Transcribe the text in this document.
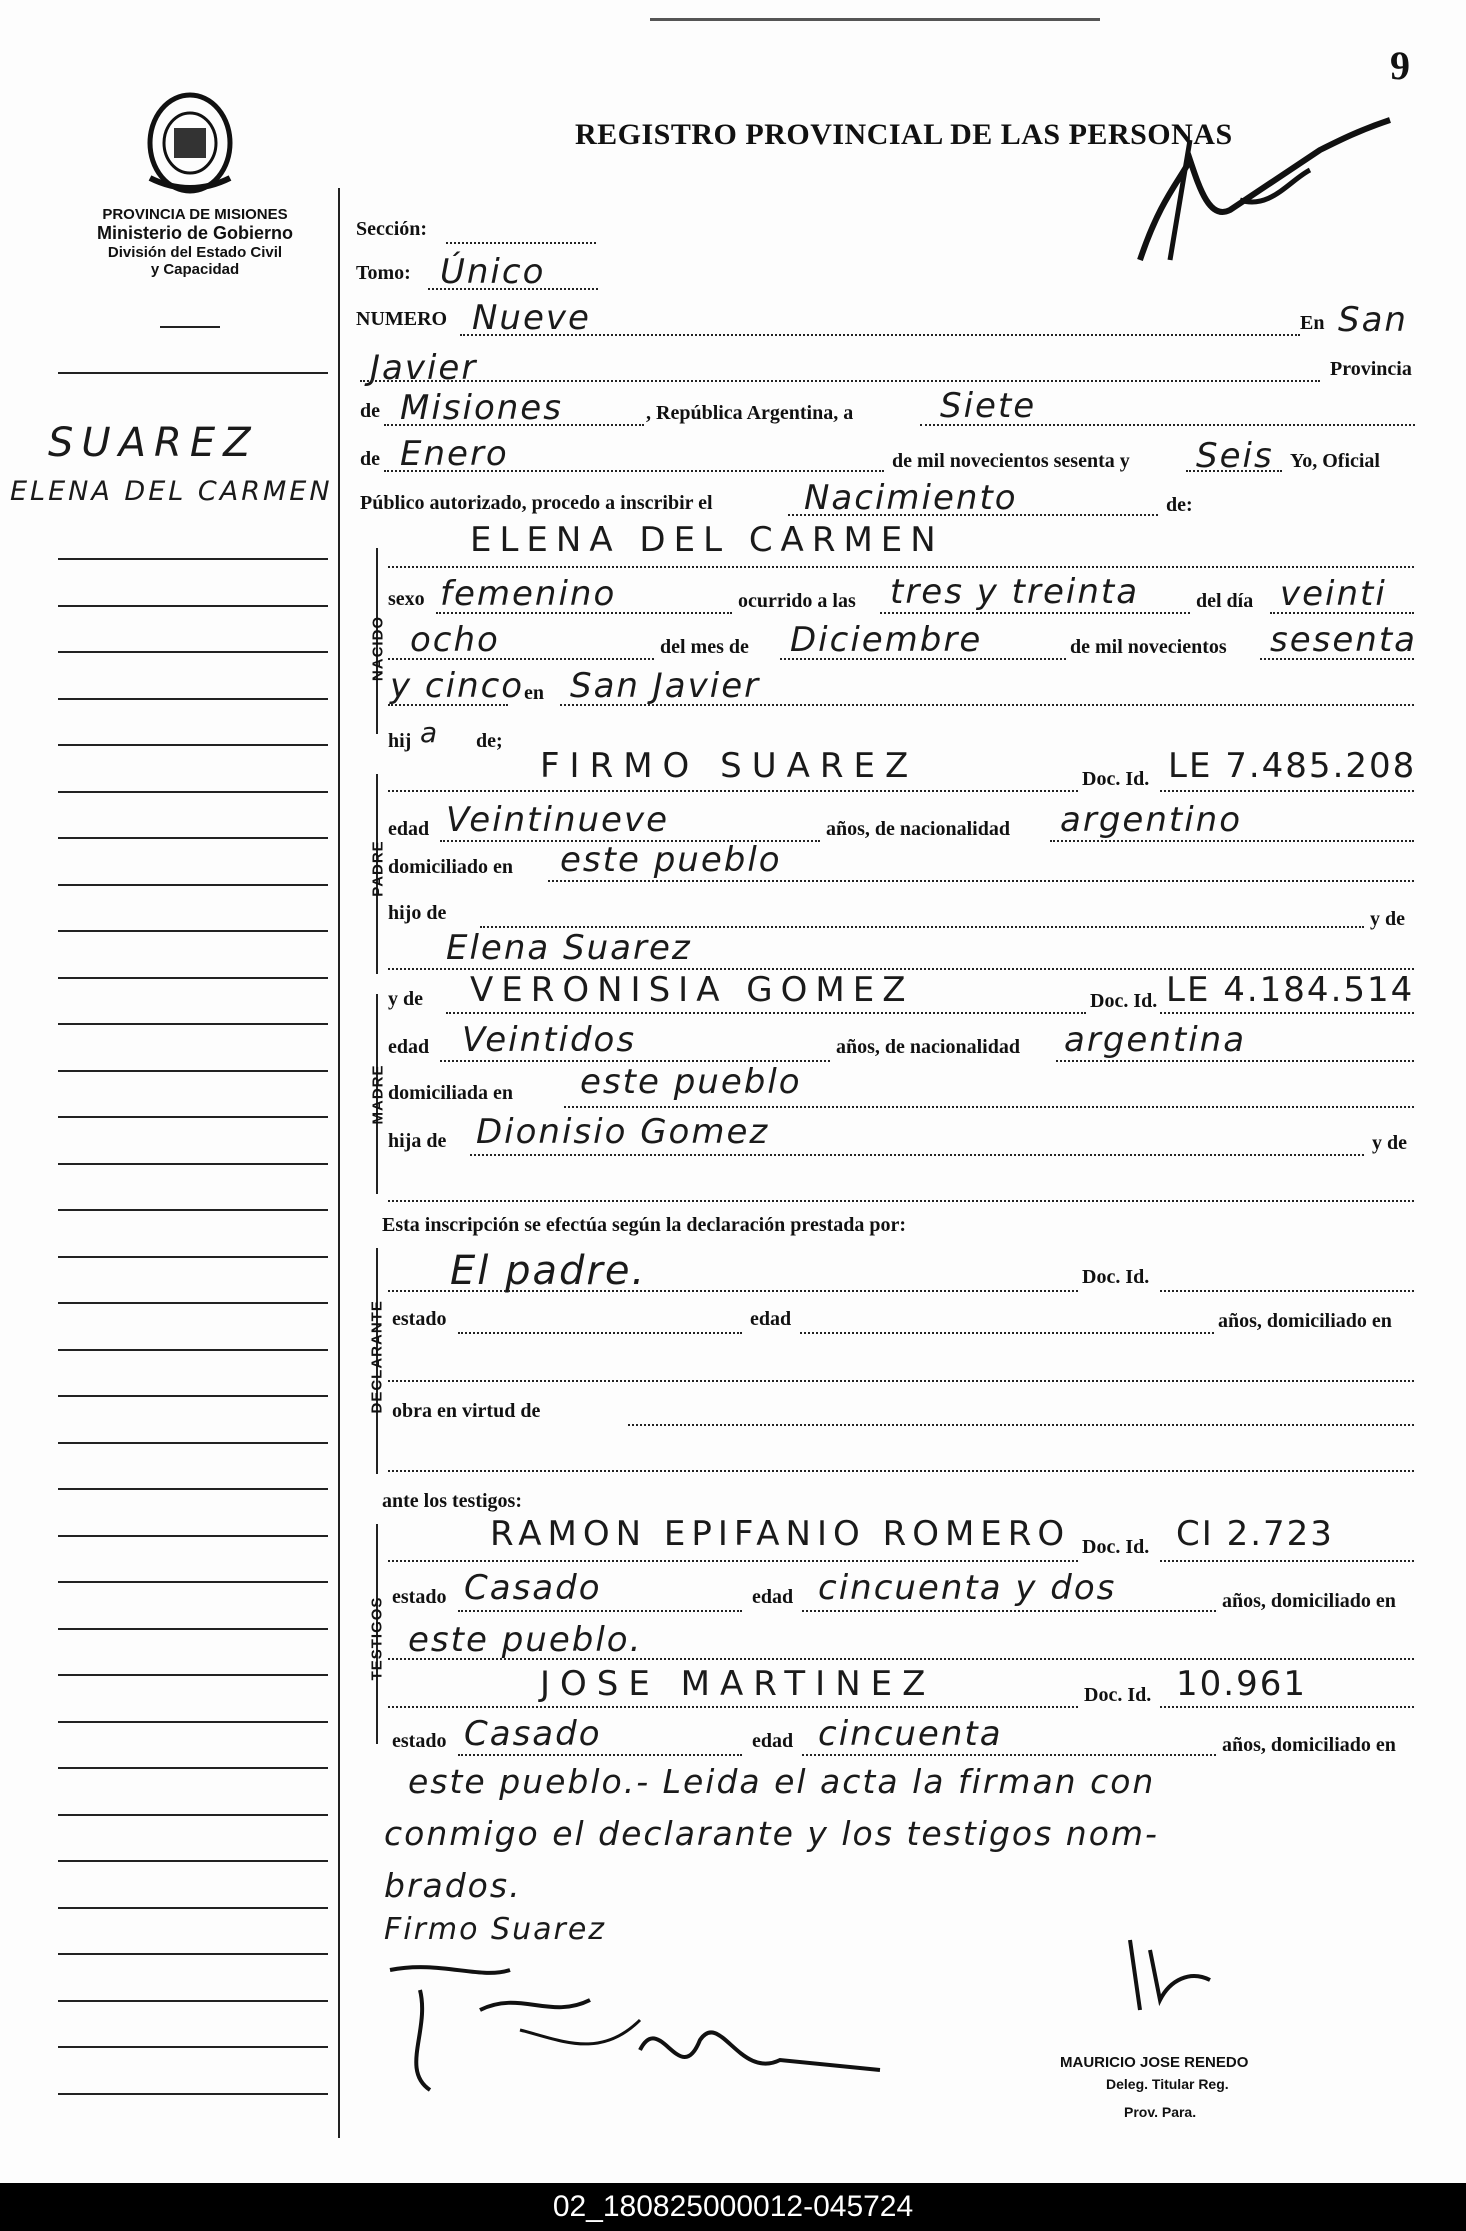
9
PROVINCIA DE MISIONES
Ministerio de Gobierno
División del Estado Civil
y Capacidad
SUAREZ
ELENA DEL CARMEN
REGISTRO PROVINCIAL DE LAS PERSONAS
Sección:
Tomo: Único
NUMERO Nueve	En San
Javier	Provincia
de Misiones	, República Argentina, a	Siete
de Enero	de mil novecientos sesenta y Seis Yo, Oficial
Público autorizado, procedo a inscribir el	Nacimiento	de:
NACIDO
ELENA DEL CARMEN
sexo femenino	ocurrido a las tres y treinta	del día veinti
ocho	del mes de Diciembre	de mil novecientos sesenta
y cinco en San Javier
hij a de;
PADRE
FIRMO SUAREZ	Doc. Id. LE 7.485.208
edad Veintinueve	años, de nacionalidad argentino
domiciliado en este pueblo
hijo de	y de
Elena Suarez
MADRE
y de VERONISIA GOMEZ	Doc. Id. LE 4.184.514
edad Veintidos	años, de nacionalidad argentina
domiciliada en este pueblo
hija de Dionisio Gomez	y de
Esta inscripción se efectúa según la declaración prestada por:
DECLARANTE
El padre.	Doc. Id.
estado	edad	años, domiciliado en
obra en virtud de
ante los testigos:
TESTIGOS
RAMON EPIFANIO ROMERO Doc. Id. CI 2.723
estado Casado	edad cincuenta y dos	años, domiciliado en
este pueblo.
JOSE MARTINEZ	Doc. Id. 10.961
estado Casado	edad cincuenta	años, domiciliado en
este pueblo.- Leida el acta la firman con
conmigo el declarante y los testigos nom-
brados.
Firmo Suarez
MAURICIO JOSE RENEDO
Deleg. Titular Reg.
Prov. Para.
02_180825000012-045724
